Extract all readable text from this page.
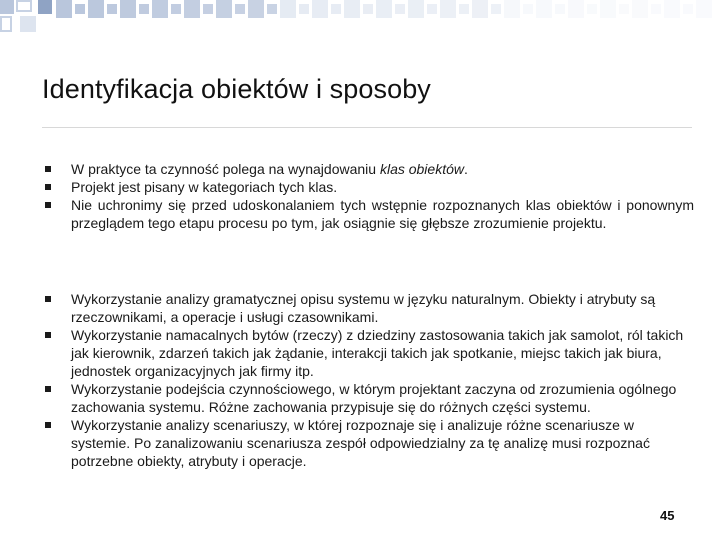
Identyfikacja obiektów i sposoby
W praktyce ta czynność polega na wynajdowaniu klas obiektów.
Projekt jest pisany w kategoriach tych klas.
Nie uchronimy się przed udoskonalaniem tych wstępnie rozpoznanych klas obiektów i ponownym przeglądem tego etapu procesu po tym, jak osiągnie się głębsze zrozumienie projektu.
Wykorzystanie analizy gramatycznej opisu systemu w języku naturalnym. Obiekty i atrybuty są rzeczownikami, a operacje i usługi czasownikami.
Wykorzystanie namacalnych bytów (rzeczy) z dziedziny zastosowania takich jak samolot, ról takich jak kierownik, zdarzeń takich jak żądanie, interakcji takich jak spotkanie, miejsc takich jak biura, jednostek organizacyjnych jak firmy itp.
Wykorzystanie podejścia czynnościowego, w którym projektant zaczyna od zrozumienia ogólnego zachowania systemu. Różne zachowania przypisuje się do różnych części systemu.
Wykorzystanie analizy scenariuszy, w której rozpoznaje się i analizuje różne scenariusze w systemie. Po zanalizowaniu scenariusza zespół odpowiedzialny za tę analizę musi rozpoznać potrzebne obiekty, atrybuty i operacje.
45
